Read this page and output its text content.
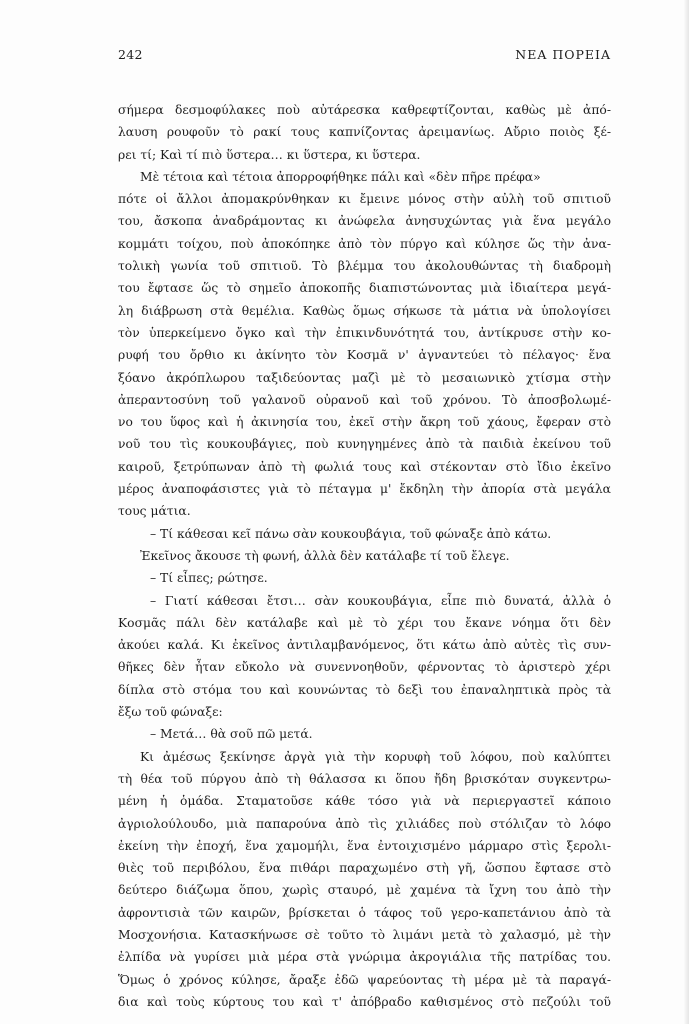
242	ΝΕΑ ΠΟΡΕΙΑ
σήμερα δεσμοφύλακες ποὺ αὐτάρεσκα καθρεφτίζονται, καθὼς μὲ ἀπό-
λαυση ρουφοῦν τὸ ρακί τους καπνίζοντας ἀρειμανίως. Αὔριο ποιὸς ξέ-
ρει τί; Καὶ τί πιὸ ὕστερα… κι ὕστερα, κι ὕστερα.
Μὲ τέτοια καὶ τέτοια ἀπορροφήθηκε πάλι καὶ «δὲν πῆρε πρέφα»
πότε οἱ ἄλλοι ἀπομακρύνθηκαν κι ἔμεινε μόνος στὴν αὐλὴ τοῦ σπιτιοῦ
του, ἄσκοπα ἀναδράμοντας κι ἀνώφελα ἀνησυχώντας γιὰ ἕνα μεγάλο
κομμάτι τοίχου, ποὺ ἀποκόπηκε ἀπὸ τὸν πύργο καὶ κύλησε ὥς τὴν ἀνα-
τολικὴ γωνία τοῦ σπιτιοῦ. Τὸ βλέμμα του ἀκολουθώντας τὴ διαδρομὴ
του ἔφτασε ὥς τὸ σημεῖο ἀποκοπῆς διαπιστώνοντας μιὰ ἰδιαίτερα μεγά-
λη διάβρωση στὰ θεμέλια. Καθὼς ὅμως σήκωσε τὰ μάτια νὰ ὑπολογίσει
τὸν ὑπερκείμενο ὄγκο καὶ τὴν ἐπικινδυνότητά του, ἀντίκρυσε στὴν κο-
ρυφή του ὄρθιο κι ἀκίνητο τὸν Κοσμᾶ ν' ἀγναντεύει τὸ πέλαγος· ἕνα
ξόανο ἀκρόπλωρου ταξιδεύοντας μαζὶ μὲ τὸ μεσαιωνικὸ χτίσμα στὴν
ἀπεραντοσύνη τοῦ γαλανοῦ οὐρανοῦ καὶ τοῦ χρόνου. Τὸ ἀποσβολωμέ-
νο του ὕφος καὶ ἡ ἀκινησία του, ἐκεῖ στὴν ἄκρη τοῦ χάους, ἔφεραν στὸ
νοῦ του τὶς κουκουβάγιες, ποὺ κυνηγημένες ἀπὸ τὰ παιδιὰ ἐκείνου τοῦ
καιροῦ, ξετρύπωναν ἀπὸ τὴ φωλιά τους καὶ στέκονταν στὸ ἴδιο ἐκεῖνο
μέρος ἀναποφάσιστες γιὰ τὸ πέταγμα μ' ἔκδηλη τὴν ἀπορία στὰ μεγάλα
τους μάτια.
– Τί κάθεσαι κεῖ πάνω σὰν κουκουβάγια, τοῦ φώναξε ἀπὸ κάτω.
Ἐκεῖνος ἄκουσε τὴ φωνή, ἀλλὰ δὲν κατάλαβε τί τοῦ ἔλεγε.
– Τί εἶπες; ρώτησε.
– Γιατί κάθεσαι ἔτσι… σὰν κουκουβάγια, εἶπε πιὸ δυνατά, ἀλλὰ ὁ
Κοσμᾶς πάλι δὲν κατάλαβε καὶ μὲ τὸ χέρι του ἔκανε νόημα ὅτι δὲν
ἀκούει καλά. Κι ἐκεῖνος ἀντιλαμβανόμενος, ὅτι κάτω ἀπὸ αὐτὲς τὶς συν-
θῆκες δὲν ἦταν εὔκολο νὰ συνεννοηθοῦν, φέρνοντας τὸ ἀριστερὸ χέρι
δίπλα στὸ στόμα του καὶ κουνώντας τὸ δεξὶ του ἐπαναληπτικὰ πρὸς τὰ
ἔξω τοῦ φώναξε:
– Μετά… θὰ σοῦ πῶ μετά.
Κι ἀμέσως ξεκίνησε ἀργὰ γιὰ τὴν κορυφὴ τοῦ λόφου, ποὺ καλύπτει
τὴ θέα τοῦ πύργου ἀπὸ τὴ θάλασσα κι ὅπου ἤδη βρισκόταν συγκεντρω-
μένη ἡ ὁμάδα. Σταματοῦσε κάθε τόσο γιὰ νὰ περιεργαστεῖ κάποιο
ἀγριολούλουδο, μιὰ παπαρούνα ἀπὸ τὶς χιλιάδες ποὺ στόλιζαν τὸ λόφο
ἐκείνη τὴν ἐποχή, ἕνα χαμομήλι, ἕνα ἐντοιχισμένο μάρμαρο στὶς ξερολι-
θιὲς τοῦ περιβόλου, ἕνα πιθάρι παραχωμένο στὴ γῆ, ὥσπου ἔφτασε στὸ
δεύτερο διάζωμα ὅπου, χωρὶς σταυρό, μὲ χαμένα τὰ ἴχνη του ἀπὸ τὴν
ἀφροντισιὰ τῶν καιρῶν, βρίσκεται ὁ τάφος τοῦ γερο-καπετάνιου ἀπὸ τὰ
Μοσχονήσια. Κατασκήνωσε σὲ τοῦτο τὸ λιμάνι μετὰ τὸ χαλασμό, μὲ τὴν
ἐλπίδα νὰ γυρίσει μιὰ μέρα στὰ γνώριμα ἀκρογιάλια τῆς πατρίδας του.
Ὅμως ὁ χρόνος κύλησε, ἄραξε ἐδῶ ψαρεύοντας τὴ μέρα μὲ τὰ παραγά-
δια καὶ τοὺς κύρτους του καὶ τ' ἀπόβραδο καθισμένος στὸ πεζούλι τοῦ
